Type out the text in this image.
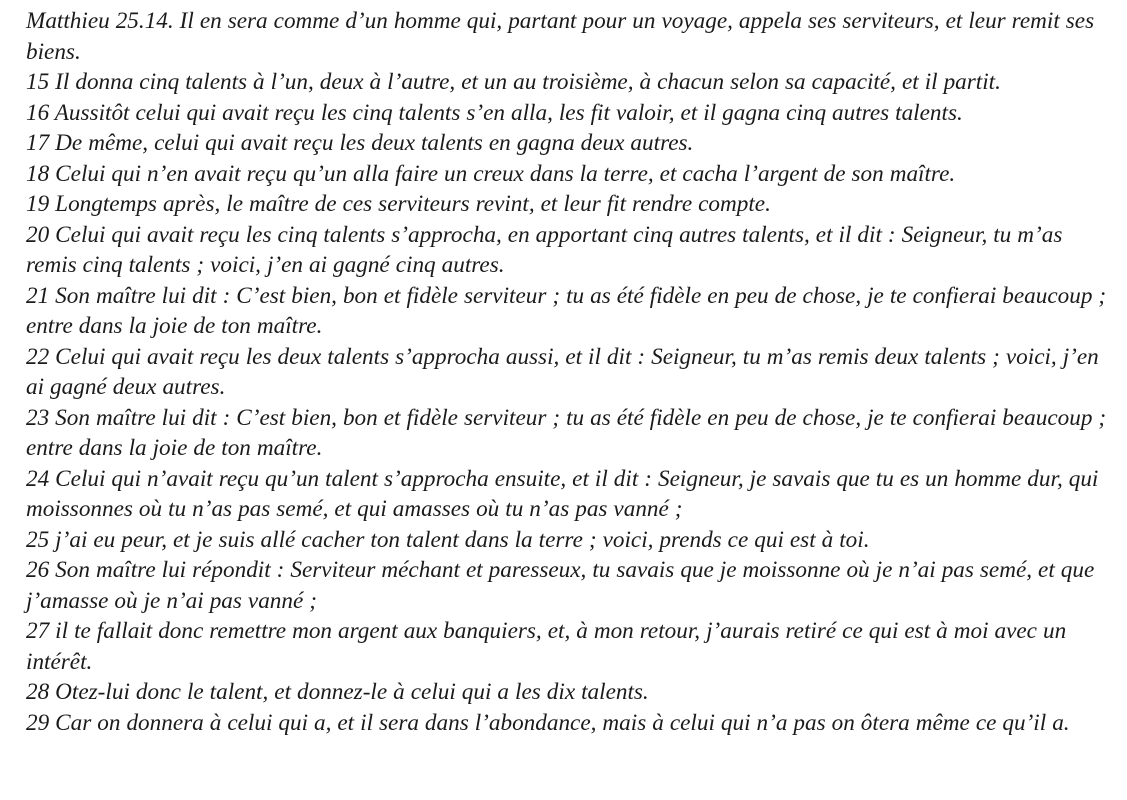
Matthieu 25.14. Il en sera comme d’un homme qui, partant pour un voyage, appela ses serviteurs, et leur remit ses biens.

15 Il donna cinq talents à l’un, deux à l’autre, et un au troisième, à chacun selon sa capacité, et il partit.

16 Aussitôt celui qui avait reçu les cinq talents s’en alla, les fit valoir, et il gagna cinq autres talents.

17 De même, celui qui avait reçu les deux talents en gagna deux autres.

18 Celui qui n’en avait reçu qu’un alla faire un creux dans la terre, et cacha l’argent de son maître.

19 Longtemps après, le maître de ces serviteurs revint, et leur fit rendre compte.

20 Celui qui avait reçu les cinq talents s’approcha, en apportant cinq autres talents, et il dit : Seigneur, tu m’as remis cinq talents ; voici, j’en ai gagné cinq autres.

21 Son maître lui dit : C’est bien, bon et fidèle serviteur ; tu as été fidèle en peu de chose, je te confierai beaucoup ; entre dans la joie de ton maître.

22 Celui qui avait reçu les deux talents s’approcha aussi, et il dit : Seigneur, tu m’as remis deux talents ; voici, j’en ai gagné deux autres.

23 Son maître lui dit : C’est bien, bon et fidèle serviteur ; tu as été fidèle en peu de chose, je te confierai beaucoup ; entre dans la joie de ton maître.

24 Celui qui n’avait reçu qu’un talent s’approcha ensuite, et il dit : Seigneur, je savais que tu es un homme dur, qui moissonnes où tu n’as pas semé, et qui amasses où tu n’as pas vanné ;

25 j’ai eu peur, et je suis allé cacher ton talent dans la terre ; voici, prends ce qui est à toi.

26 Son maître lui répondit : Serviteur méchant et paresseux, tu savais que je moissonne où je n’ai pas semé, et que j’amasse où je n’ai pas vanné ;

27 il te fallait donc remettre mon argent aux banquiers, et, à mon retour, j’aurais retiré ce qui est à moi avec un intérêt.

28 Otez-lui donc le talent, et donnez-le à celui qui a les dix talents.

29 Car on donnera à celui qui a, et il sera dans l’abondance, mais à celui qui n’a pas on ôtera même ce qu’il a.
